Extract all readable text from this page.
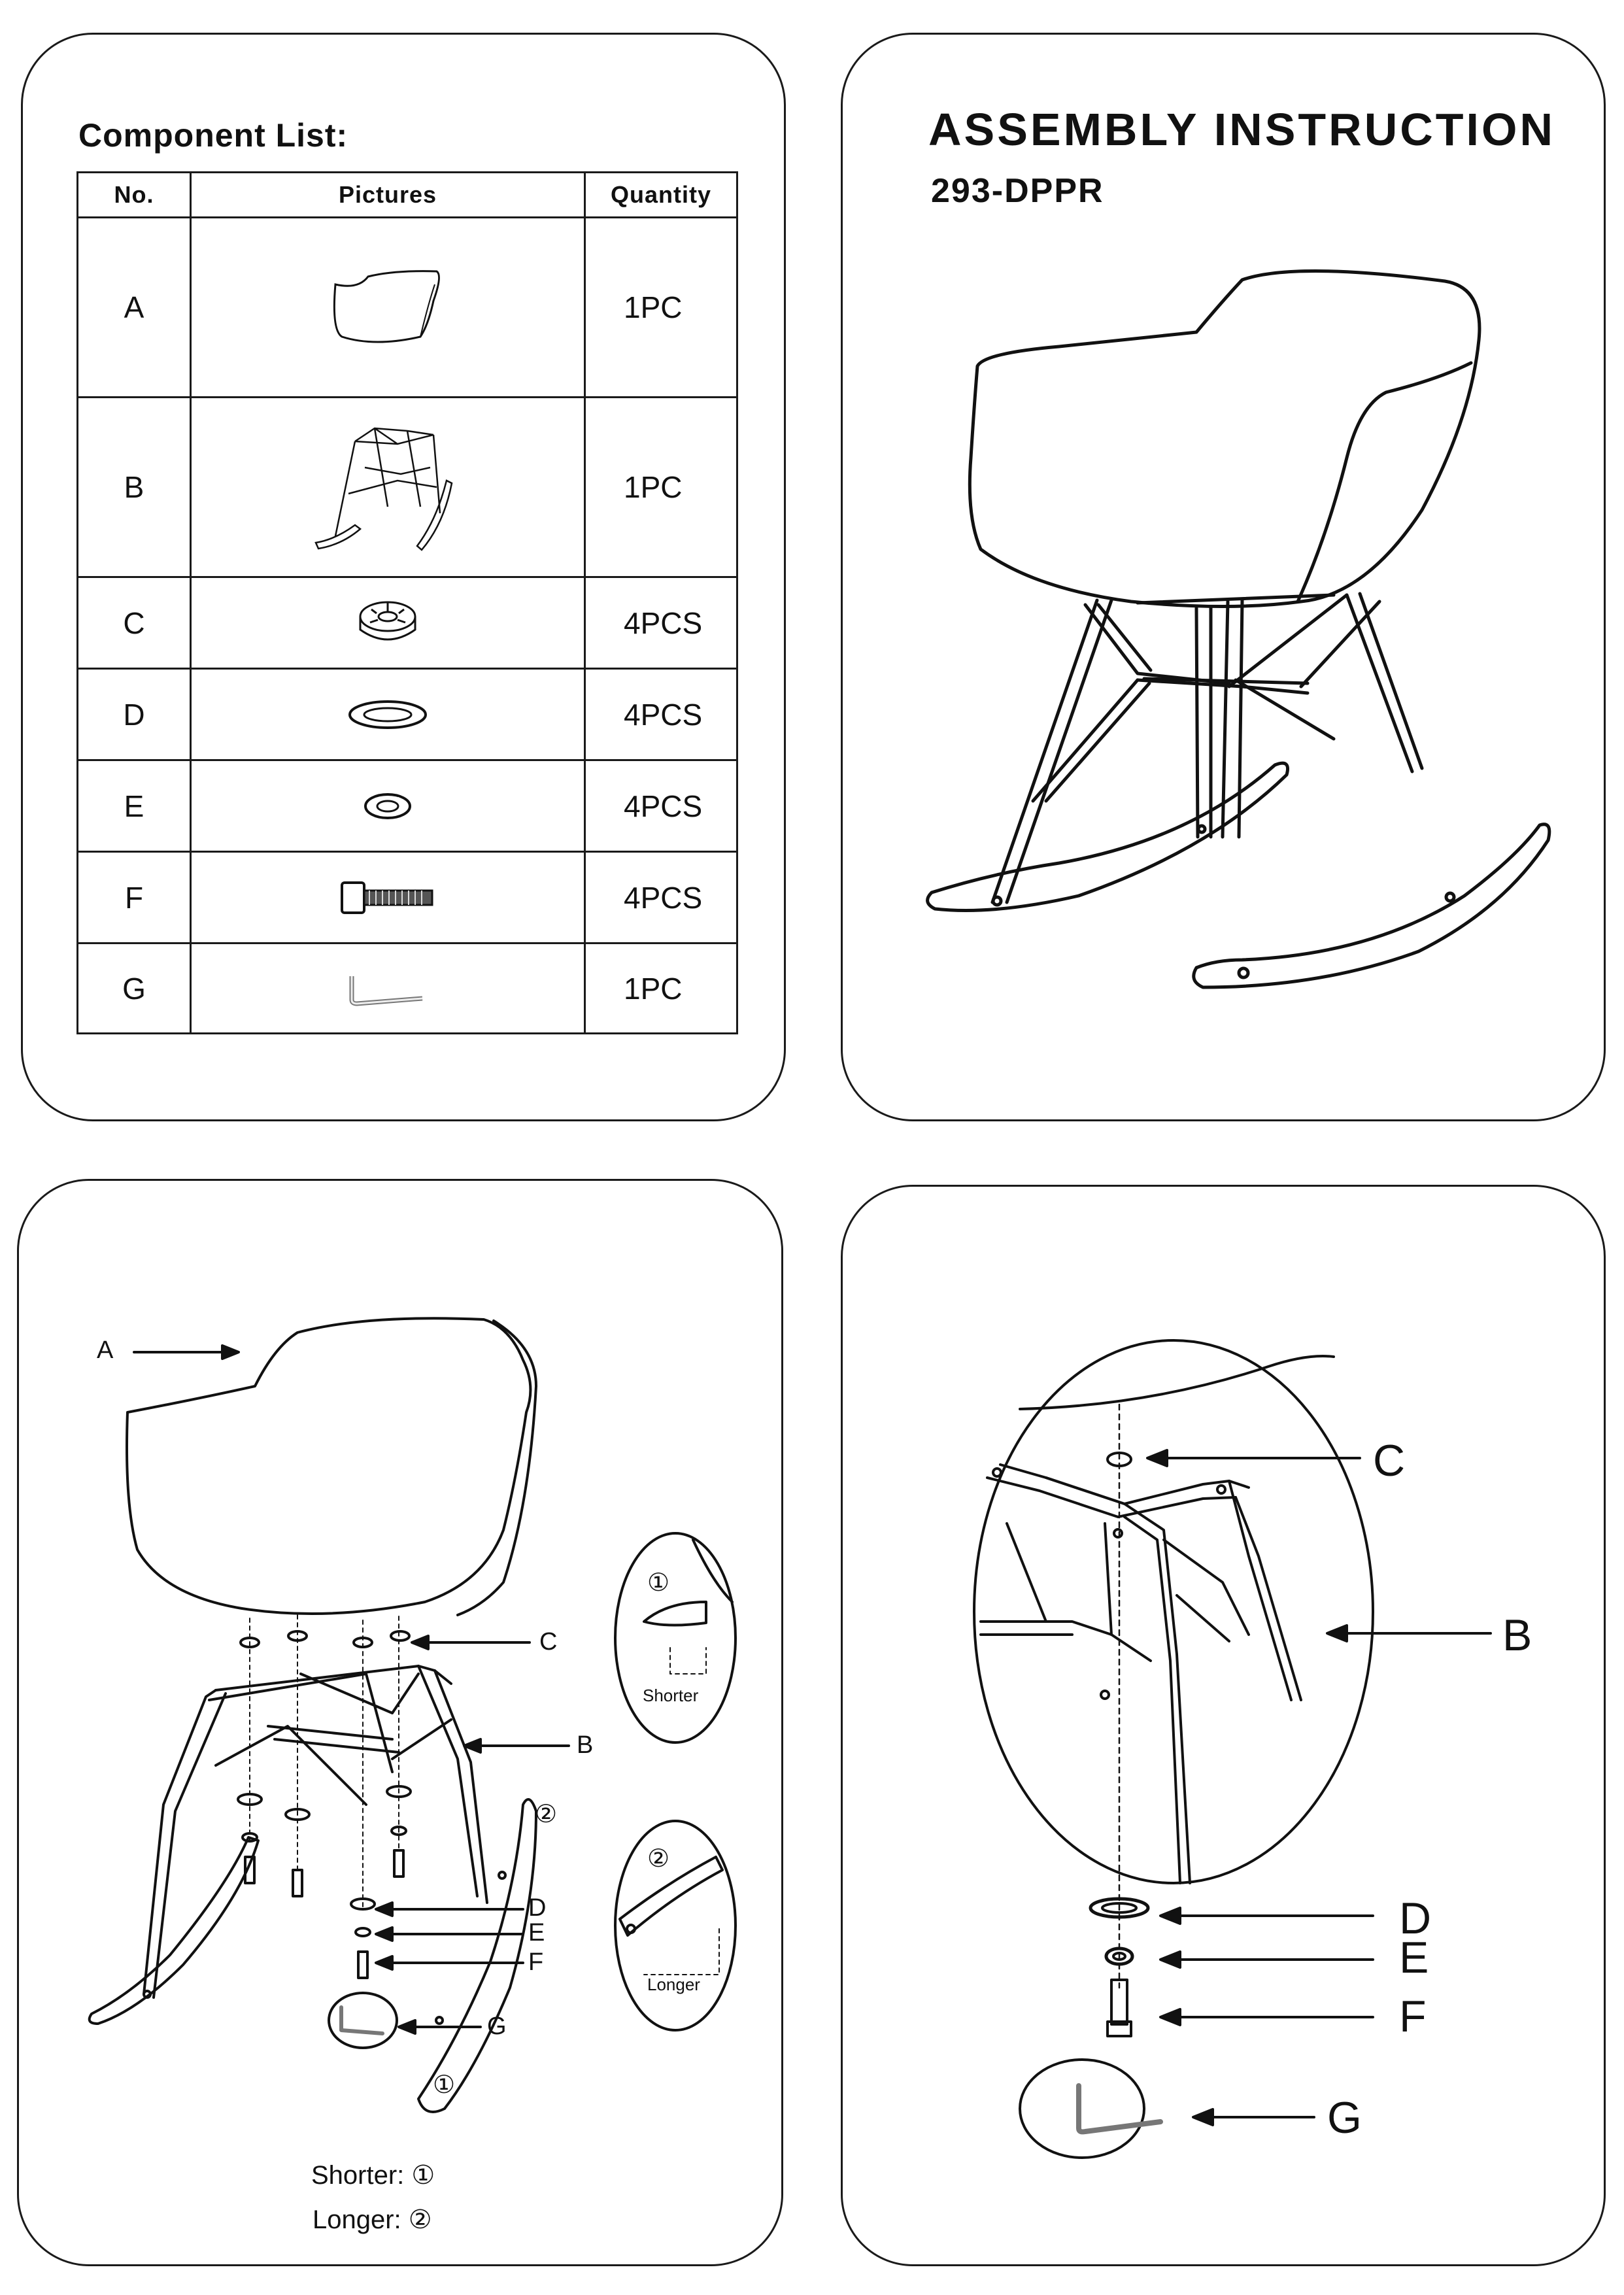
Component List:
No.	Pictures	Quantity
A		1PC
B		1PC
C		4PCS
D		4PCS
E		4PCS
F		4PCS
G		1PC
ASSEMBLY INSTRUCTION
293-DPPR
A
C
B
D
E
F
G
②
①
①
Shorter
②
Longer
Shorter: ①
Longer: ②
C
B
D
E
F
G
